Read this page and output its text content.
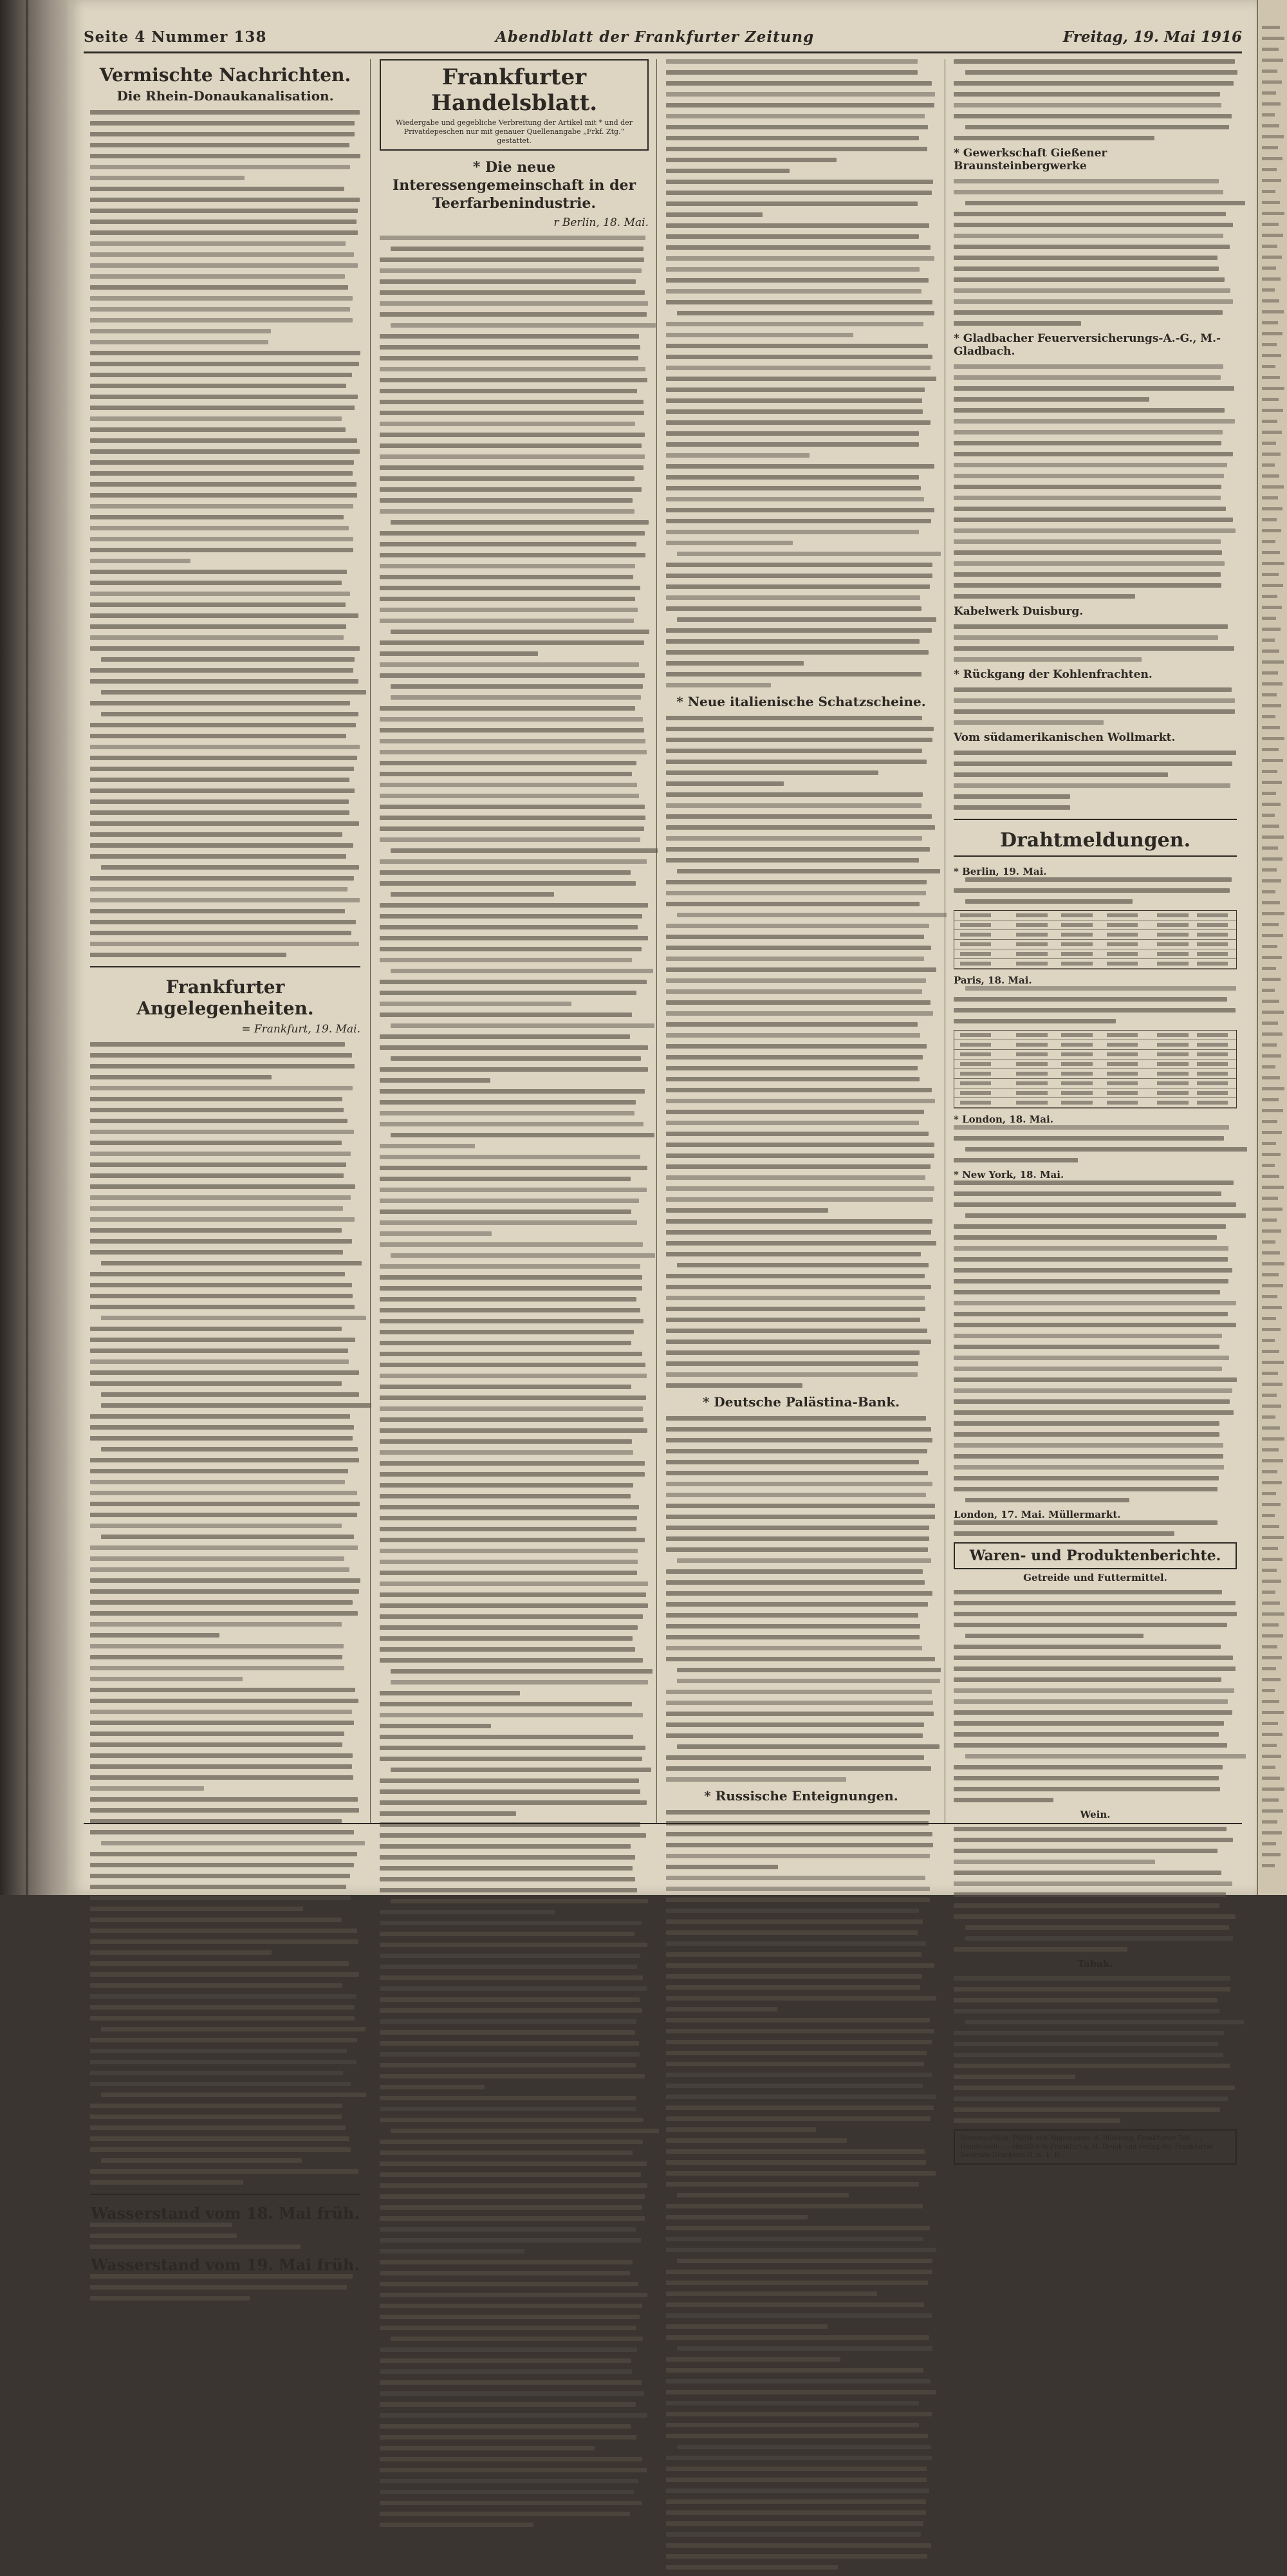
Seite 4 Nummer 138	Abendblatt der Frankfurter Zeitung	Freitag, 19. Mai 1916
Vermischte Nachrichten.
Die Rhein-Donaukanalisation.
Frankfurter Angelegenheiten.
= Frankfurt, 19. Mai.
Wasserstand vom 18. Mai früh.
Wasserstand vom 19. Mai früh.
Frankfurter Handelsblatt.
Wiedergabe und gegebliche Verbreitung der Artikel mit * und der Privatdepeschen nur mit genauer Quellenangabe „Frkf. Ztg.“ gestattet.
* Die neue Interessengemeinschaft in der Teerfarbenindustrie.
r Berlin, 18. Mai.
* Neue italienische Schatzscheine.
* Deutsche Palästina-Bank.
* Russische Enteignungen.
* Gewerkschaft Gießener Braunsteinbergwerke
* Gladbacher Feuerversicherungs-A.-G., M.-Gladbach.
Kabelwerk Duisburg.
* Rückgang der Kohlenfrachten.
Vom südamerikanischen Wollmarkt.
Drahtmeldungen.
* Berlin, 19. Mai.
Paris, 18. Mai.
* London, 18. Mai.
* New York, 18. Mai.
London, 17. Mai. Müllermarkt.
Waren- und Produktenberichte.
Getreide und Futtermittel.
Wein.
Tabak.
Verantwortlich: Politik und Allgemeines: A. Büsching; Frankfurter Teil: ..., Handelsteil: ...; sämtlich in Frankfurt a. M. Druck und Verlag der Frankfurter Societäts-Druckerei G. m. b. H.
